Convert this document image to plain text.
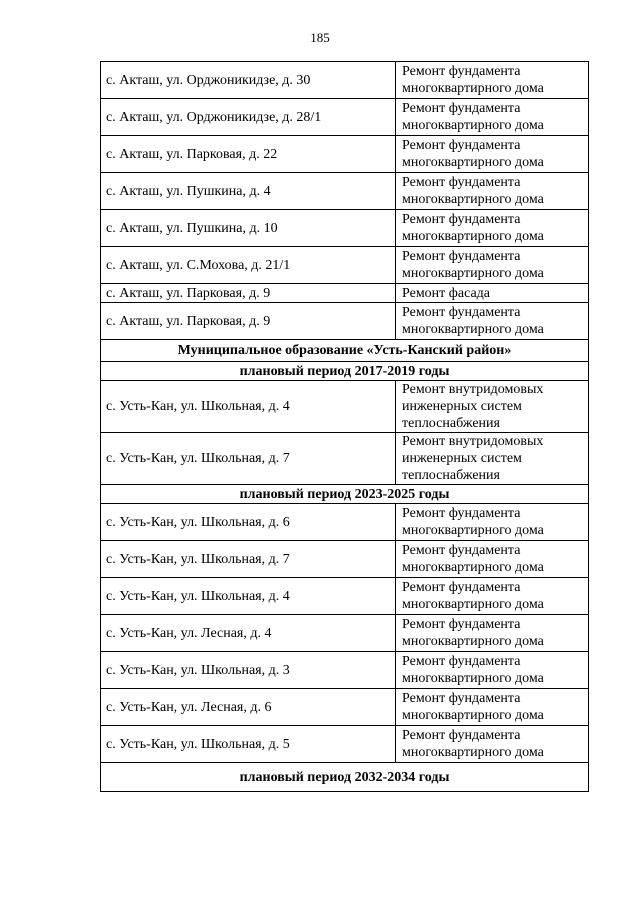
185
с. Акташ, ул. Орджоникидзе, д. 30	Ремонт фундамента многоквартирного дома
с. Акташ, ул. Орджоникидзе, д. 28/1	Ремонт фундамента многоквартирного дома
с. Акташ, ул. Парковая, д. 22	Ремонт фундамента многоквартирного дома
с. Акташ, ул. Пушкина, д. 4	Ремонт фундамента многоквартирного дома
с. Акташ, ул. Пушкина, д. 10	Ремонт фундамента многоквартирного дома
с. Акташ, ул. С.Мохова, д. 21/1	Ремонт фундамента многоквартирного дома
с. Акташ, ул. Парковая, д. 9	Ремонт фасада
с. Акташ, ул. Парковая, д. 9	Ремонт фундамента многоквартирного дома
Муниципальное образование «Усть-Канский район»	
плановый период 2017-2019 годы	
с. Усть-Кан, ул. Школьная, д. 4	Ремонт внутридомовых инженерных систем теплоснабжения
с. Усть-Кан, ул. Школьная, д. 7	Ремонт внутридомовых инженерных систем теплоснабжения
плановый период 2023-2025 годы	
с. Усть-Кан, ул. Школьная, д. 6	Ремонт фундамента многоквартирного дома
с. Усть-Кан, ул. Школьная, д. 7	Ремонт фундамента многоквартирного дома
с. Усть-Кан, ул. Школьная, д. 4	Ремонт фундамента многоквартирного дома
с. Усть-Кан, ул. Лесная, д. 4	Ремонт фундамента многоквартирного дома
с. Усть-Кан, ул. Школьная, д. 3	Ремонт фундамента многоквартирного дома
с. Усть-Кан, ул. Лесная, д. 6	Ремонт фундамента многоквартирного дома
с. Усть-Кан, ул. Школьная, д. 5	Ремонт фундамента многоквартирного дома
плановый период 2032-2034 годы	
